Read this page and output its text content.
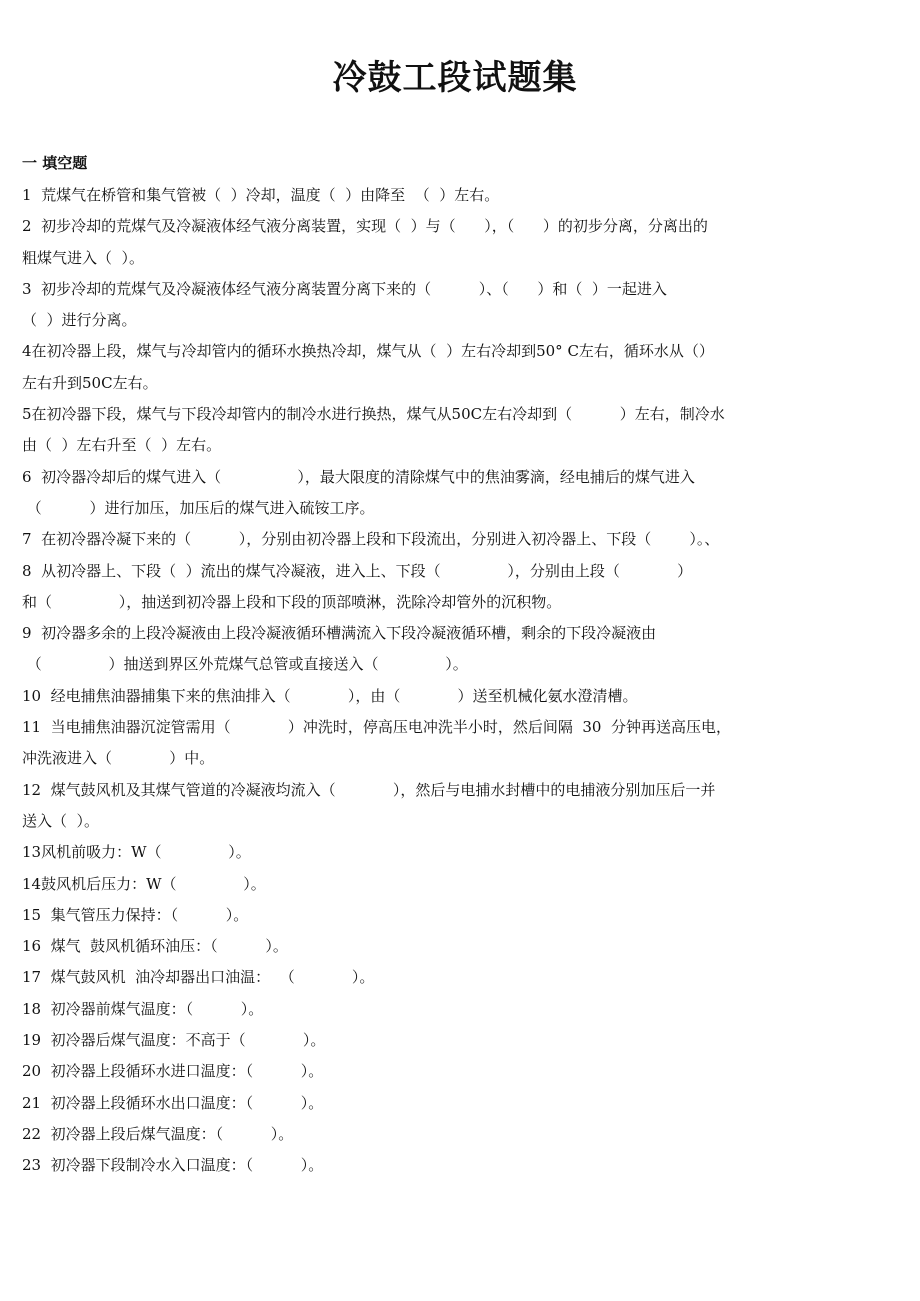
冷鼓工段试题集
一 填空题
1  荒煤气在桥管和集气管被（  ）冷却，温度（  ）由降至  （  ）左右。
2  初步冷却的荒煤气及冷凝液体经气液分离装置，实现（  ）与（      ），（      ）的初步分离，分离出的
粗煤气进入（  ）。
3  初步冷却的荒煤气及冷凝液体经气液分离装置分离下来的（          ）、（      ）和（  ）一起进入
（  ）进行分离。
4在初冷器上段，煤气与冷却管内的循环水换热冷却，煤气从（  ）左右冷却到50° C左右，循环水从（）
左右升到50C左右。
5在初冷器下段，煤气与下段冷却管内的制冷水进行换热，煤气从50C左右冷却到（          ）左右，制冷水
由（  ）左右升至（  ）左右。
6  初冷器冷却后的煤气进入（                ），最大限度的清除煤气中的焦油雾滴，经电捕后的煤气进入
（          ）进行加压，加压后的煤气进入硫铵工序。
7  在初冷器冷凝下来的（          ），分别由初冷器上段和下段流出，分别进入初冷器上、下段（        ）。、
8  从初冷器上、下段（  ）流出的煤气冷凝液，进入上、下段（              ），分别由上段（            ）
和（              ），抽送到初冷器上段和下段的顶部喷淋，洗除冷却管外的沉积物。
9  初冷器多余的上段冷凝液由上段冷凝液循环槽满流入下段冷凝液循环槽，剩余的下段冷凝液由
（              ）抽送到界区外荒煤气总管或直接送入（              ）。
10  经电捕焦油器捕集下来的焦油排入（            ），由（            ）送至机械化氨水澄清槽。
11  当电捕焦油器沉淀管需用（            ）冲洗时，停高压电冲洗半小时，然后间隔  30  分钟再送高压电，
冲洗液进入（            ）中。
12  煤气鼓风机及其煤气管道的冷凝液均流入（            ），然后与电捕水封槽中的电捕液分别加压后一并
送入（  ）。
13风机前吸力：W（              ）。
14鼓风机后压力：W（              ）。
15  集气管压力保持：（          ）。
16  煤气  鼓风机循环油压：（          ）。
17  煤气鼓风机  油冷却器出口油温：  （            ）。
18  初冷器前煤气温度：（          ）。
19  初冷器后煤气温度：不高于（            ）。
20  初冷器上段循环水进口温度：（          ）。
21  初冷器上段循环水出口温度：（          ）。
22  初冷器上段后煤气温度：（          ）。
23  初冷器下段制冷水入口温度：（          ）。
